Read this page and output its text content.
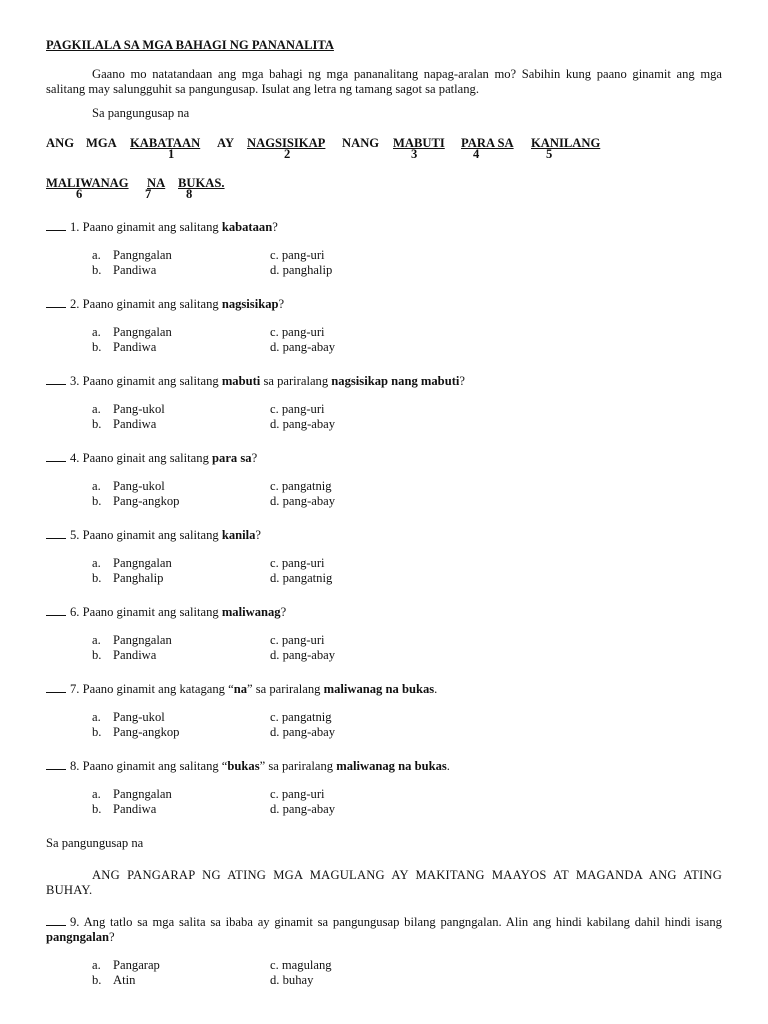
PAGKILALA SA MGA BAHAGI NG PANANALITA
Gaano mo natatandaan ang mga bahagi ng mga pananalitang napag-aralan mo? Sabihin kung paano ginamit ang mga salitang may salungguhit sa pangungusap. Isulat ang letra ng tamang sagot sa patlang.
Sa pangungusap na
ANG MGA KABATAAN AY NAGSISIKAP NANG MABUTI PARA SA KANILANG
1	2	3	4	5
MALIWANAG NA BUKAS.
6	7	8
1. Paano ginamit ang salitang kabataan?
a. Pangngalan
b. Pandiwa
c. pang-uri
d. panghalip
2. Paano ginamit ang salitang nagsisikap?
a. Pangngalan
b. Pandiwa
c. pang-uri
d. pang-abay
3. Paano ginamit ang salitang mabuti sa pariralang nagsisikap nang mabuti?
a. Pang-ukol
b. Pandiwa
c. pang-uri
d. pang-abay
4. Paano ginait ang salitang para sa?
a. Pang-ukol
b. Pang-angkop
c. pangatnig
d. pang-abay
5. Paano ginamit ang salitang kanila?
a. Pangngalan
b. Panghalip
c. pang-uri
d. pangatnig
6. Paano ginamit ang salitang maliwanag?
a. Pangngalan
b. Pandiwa
c. pang-uri
d. pang-abay
7. Paano ginamit ang katagang “na” sa pariralang maliwanag na bukas.
a. Pang-ukol
b. Pang-angkop
c. pangatnig
d. pang-abay
8. Paano ginamit ang salitang “bukas” sa pariralang maliwanag na bukas.
a. Pangngalan
b. Pandiwa
c. pang-uri
d. pang-abay
Sa pangungusap na
ANG PANGARAP NG ATING MGA MAGULANG AY MAKITANG MAAYOS AT MAGANDA ANG ATING BUHAY.
9. Ang tatlo sa mga salita sa ibaba ay ginamit sa pangungusap bilang pangngalan. Alin ang hindi kabilang dahil hindi isang pangngalan?
a. Pangarap
b. Atin
c. magulang
d. buhay
